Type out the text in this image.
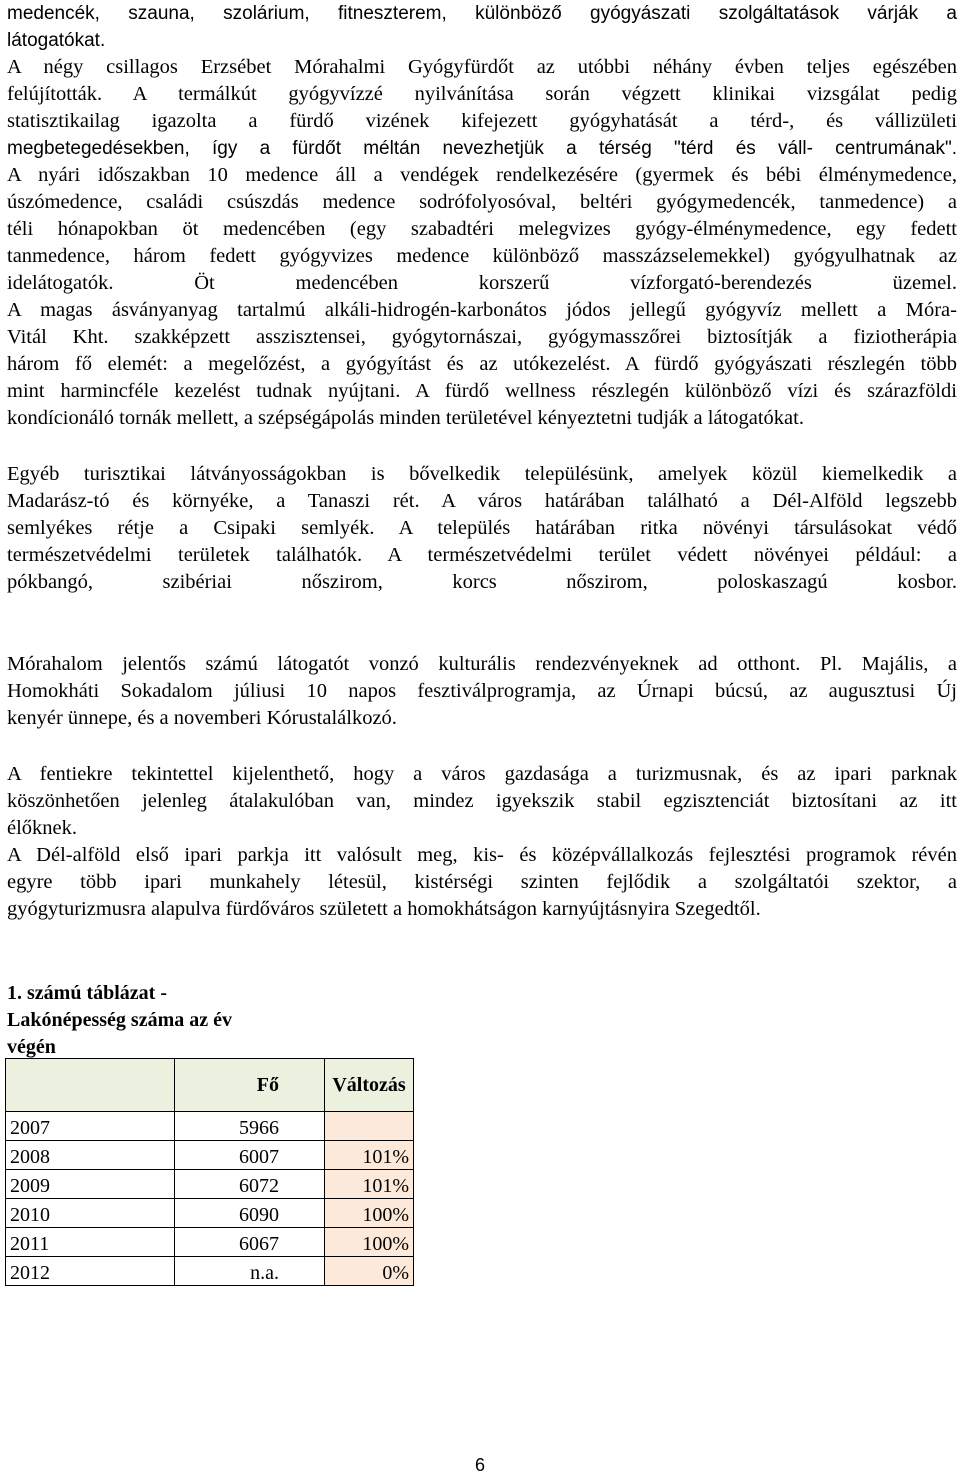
medencék, szauna, szolárium, fitneszterem, különböző gyógyászati szolgáltatások várják a
látogatókat.
A négy csillagos Erzsébet Mórahalmi Gyógyfürdőt az utóbbi néhány évben teljes egészében
felújították. A termálkút gyógyvízzé nyilvánítása során végzett klinikai vizsgálat pedig
statisztikailag igazolta a fürdő vizének kifejezett gyógyhatását a térd-, és vállizületi
megbetegedésekben, így a fürdőt méltán nevezhetjük a térség "térd és váll- centrumának".
A nyári időszakban 10 medence áll a vendégek rendelkezésére (gyermek és bébi élménymedence,
úszómedence, családi csúszdás medence sodrófolyosóval, beltéri gyógymedencék, tanmedence) a
téli hónapokban öt medencében (egy szabadtéri melegvizes gyógy-élménymedence, egy fedett
tanmedence, három fedett gyógyvizes medence különböző masszázselemekkel) gyógyulhatnak az
idelátogatók. Öt medencében korszerű vízforgató-berendezés üzemel.
A magas ásványanyag tartalmú alkáli-hidrogén-karbonátos jódos jellegű gyógyvíz mellett a Móra-
Vitál Kht. szakképzett asszisztensei, gyógytornászai, gyógymasszőrei biztosítják a fiziotherápia
három fő elemét: a megelőzést, a gyógyítást és az utókezelést. A fürdő gyógyászati részlegén több
mint harmincféle kezelést tudnak nyújtani. A fürdő wellness részlegén különböző vízi és szárazföldi
kondícionáló tornák mellett, a szépségápolás minden területével kényeztetni tudják a látogatókat.
Egyéb turisztikai látványosságokban is bővelkedik településünk, amelyek közül kiemelkedik a
Madarász-tó és környéke, a Tanaszi rét. A város határában található a Dél-Alföld legszebb
semlyékes rétje a Csipaki semlyék. A település határában ritka növényi társulásokat védő
természetvédelmi területek találhatók. A természetvédelmi terület védett növényei például: a
pókbangó, szibériai nőszirom, korcs nőszirom, poloskaszagú kosbor.
Mórahalom jelentős számú látogatót vonzó kulturális rendezvényeknek ad otthont. Pl. Majális, a
Homokháti Sokadalom júliusi 10 napos fesztiválprogramja, az Úrnapi búcsú, az augusztusi Új
kenyér ünnepe, és a novemberi Kórustalálkozó.
A fentiekre tekintettel kijelenthető, hogy a város gazdasága a turizmusnak, és az ipari parknak
köszönhetően jelenleg átalakulóban van, mindez igyekszik stabil egzisztenciát biztosítani az itt
élőknek.
A Dél-alföld első ipari parkja itt valósult meg, kis- és középvállalkozás fejlesztési programok révén
egyre több ipari munkahely létesül, kistérségi szinten fejlődik a szolgáltatói szektor, a
gyógyturizmusra alapulva fürdőváros született a homokhátságon karnyújtásnyira Szegedtől.
1. számú táblázat -
Lakónépesség száma az év
végén
	Fő	Változás
2007	5966	
2008	6007	101%
2009	6072	101%
2010	6090	100%
2011	6067	100%
2012	n.a.	0%
6
